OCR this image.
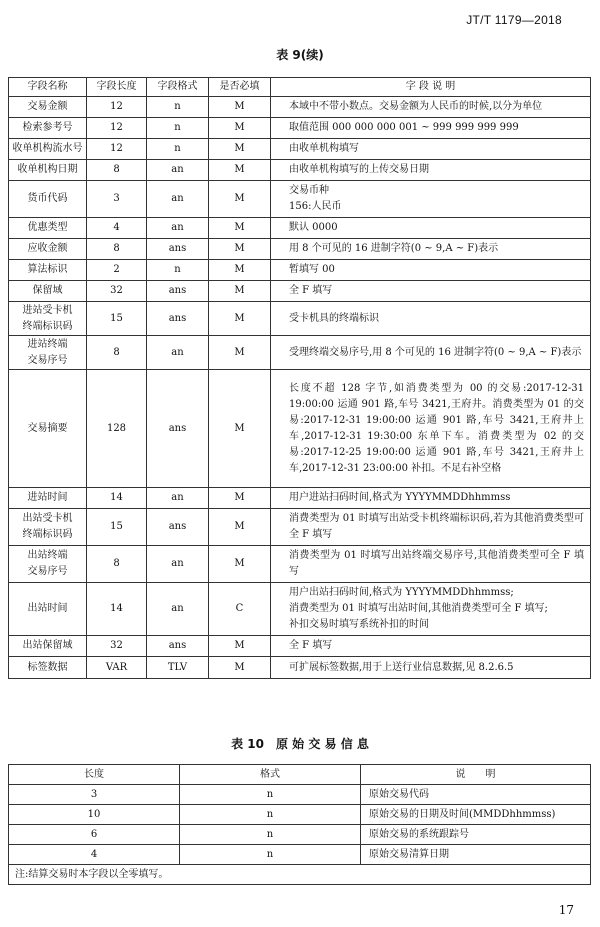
JT/T 1179—2018
表 9(续)
字段名称	字段长度	字段格式	是否必填	字 段 说 明
交易金额	12	n	M	本域中不带小数点。交易金额为人民币的时候,以分为单位

检索参考号	12	n	M	取值范围 000 000 000 001 ~ 999 999 999 999

收单机构流水号	12	n	M	由收单机构填写

收单机构日期	8	an	M	由收单机构填写的上传交易日期

货币代码	3	an	M	交易币种
156:人民币

优惠类型	4	an	M	默认 0000

应收金额	8	ans	M	用 8 个可见的 16 进制字符(0 ~ 9,A ~ F)表示

算法标识	2	n	M	暂填写 00

保留域	32	ans	M	全 F 填写

进站受卡机
终端标识码	15	ans	M	受卡机具的终端标识

进站终端
交易序号	8	an	M	受理终端交易序号,用 8 个可见的 16 进制字符(0 ~ 9,A ~ F)表示

交易摘要	128	ans	M	长度不超 128 字节,如消费类型为 00 的交易:2017-12-31 19:00:00 运通 901 路,车号 3421,王府井。消费类型为 01 的交易:2017-12-31 19:00:00 运通 901 路,车号 3421,王府井上车,2017-12-31 19:30:00 东单下车。消费类型为 02 的交易:2017-12-25 19:00:00 运通 901 路,车号 3421,王府井上车,2017-12-31 23:00:00 补扣。不足右补空格

进站时间	14	an	M	用户进站扫码时间,格式为 YYYYMMDDhhmmss

出站受卡机
终端标识码	15	ans	M	消费类型为 01 时填写出站受卡机终端标识码,若为其他消费类型可全 F 填写

出站终端
交易序号	8	an	M	消费类型为 01 时填写出站终端交易序号,其他消费类型可全 F 填写

出站时间	14	an	C	用户出站扫码时间,格式为 YYYYMMDDhhmmss;
消费类型为 01 时填写出站时间,其他消费类型可全 F 填写;
补扣交易时填写系统补扣的时间

出站保留域	32	ans	M	全 F 填写

标签数据	VAR	TLV	M	可扩展标签数据,用于上送行业信息数据,见 8.2.6.5
表 10　原 始 交 易 信 息
长度	格式	说　　明
3	n	原始交易代码
10	n	原始交易的日期及时间(MMDDhhmmss)
6	n	原始交易的系统跟踪号
4	n	原始交易清算日期
注:结算交易时本字段以全零填写。		
17
